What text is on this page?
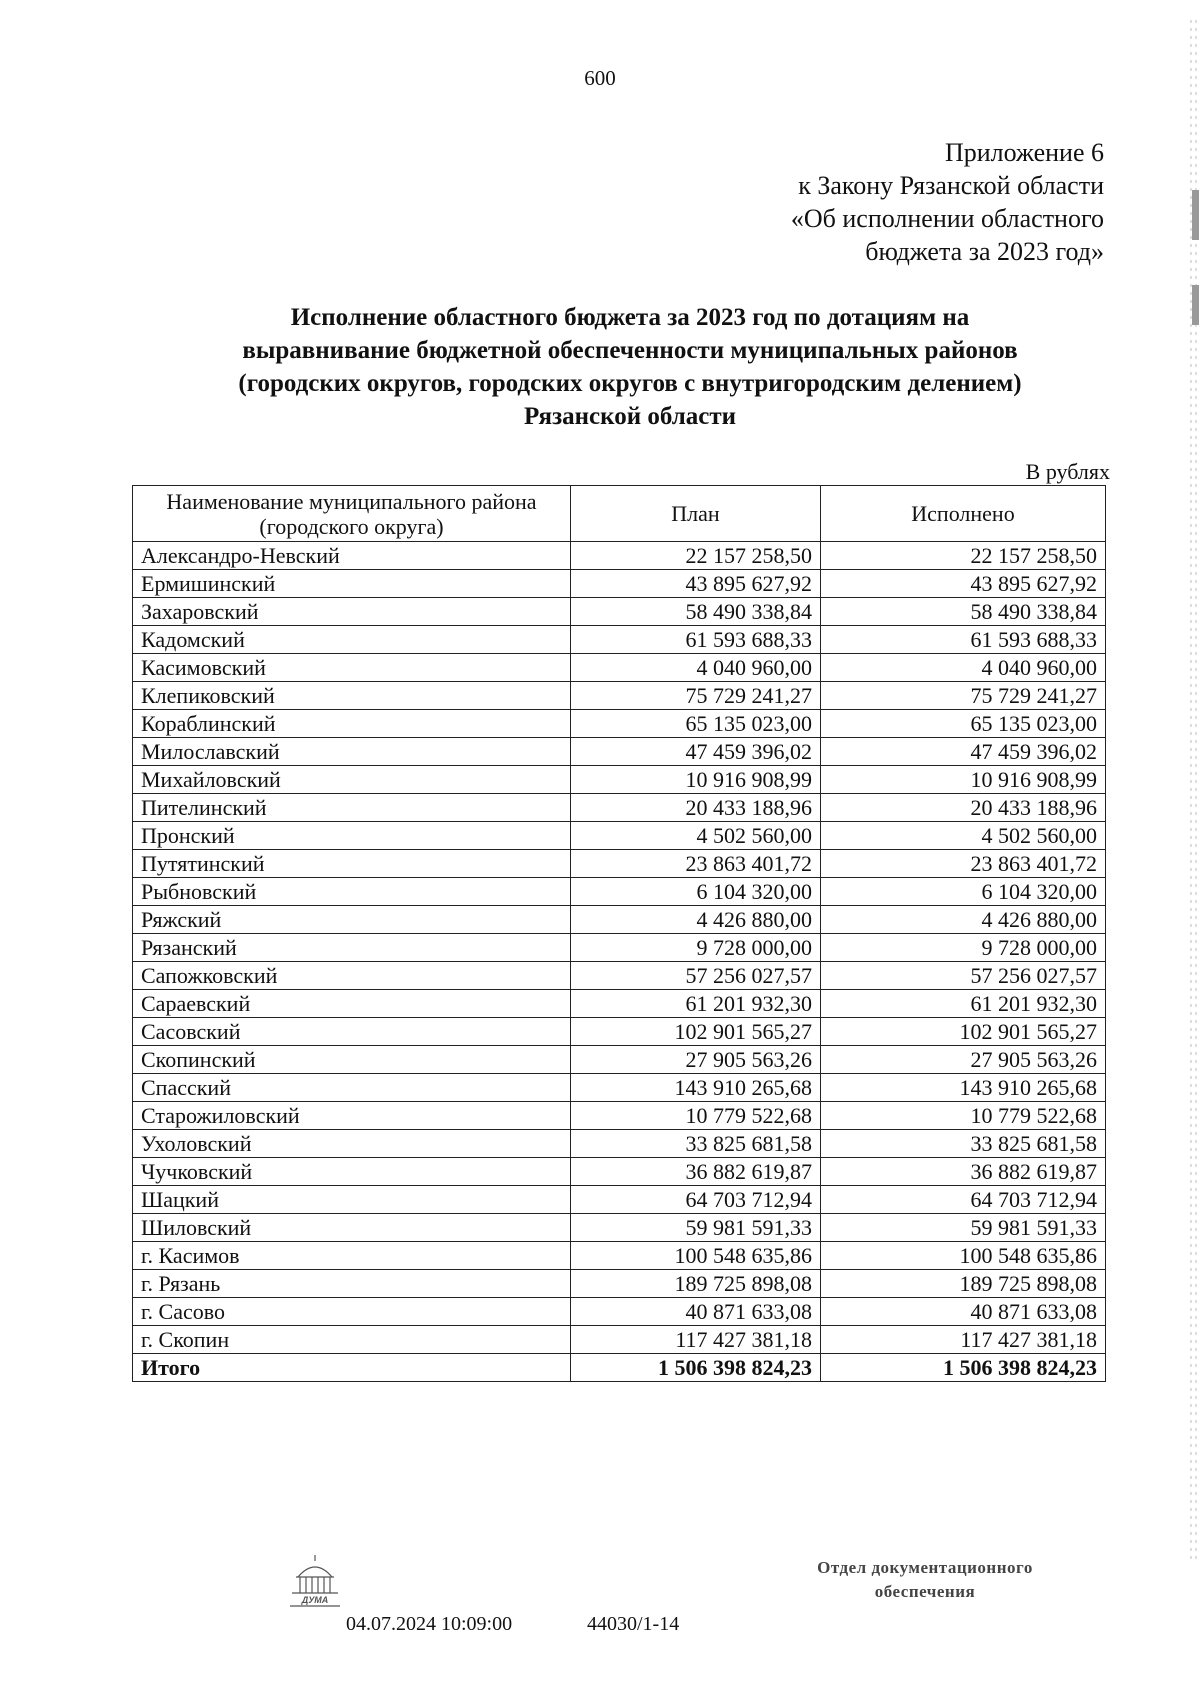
600
Приложение 6
к Закону Рязанской области
«Об исполнении областного
бюджета за 2023 год»
Исполнение областного бюджета за 2023 год по дотациям на
выравнивание бюджетной обеспеченности муниципальных районов
(городских округов, городских округов с внутригородским делением)
Рязанской области
В рублях
Наименование муниципального района
(городского округа)	План	Исполнено
Александро-Невский	22 157 258,50	22 157 258,50
Ермишинский	43 895 627,92	43 895 627,92
Захаровский	58 490 338,84	58 490 338,84
Кадомский	61 593 688,33	61 593 688,33
Касимовский	4 040 960,00	4 040 960,00
Клепиковский	75 729 241,27	75 729 241,27
Кораблинский	65 135 023,00	65 135 023,00
Милославский	47 459 396,02	47 459 396,02
Михайловский	10 916 908,99	10 916 908,99
Пителинский	20 433 188,96	20 433 188,96
Пронский	4 502 560,00	4 502 560,00
Путятинский	23 863 401,72	23 863 401,72
Рыбновский	6 104 320,00	6 104 320,00
Ряжский	4 426 880,00	4 426 880,00
Рязанский	9 728 000,00	9 728 000,00
Сапожковский	57 256 027,57	57 256 027,57
Сараевский	61 201 932,30	61 201 932,30
Сасовский	102 901 565,27	102 901 565,27
Скопинский	27 905 563,26	27 905 563,26
Спасский	143 910 265,68	143 910 265,68
Старожиловский	10 779 522,68	10 779 522,68
Ухоловский	33 825 681,58	33 825 681,58
Чучковский	36 882 619,87	36 882 619,87
Шацкий	64 703 712,94	64 703 712,94
Шиловский	59 981 591,33	59 981 591,33
г. Касимов	100 548 635,86	100 548 635,86
г. Рязань	189 725 898,08	189 725 898,08
г. Сасово	40 871 633,08	40 871 633,08
г. Скопин	117 427 381,18	117 427 381,18
Итого	1 506 398 824,23	1 506 398 824,23
ДУМА
04.07.2024 10:09:00	44030/1-14
Отдел документационного
обеспечения
